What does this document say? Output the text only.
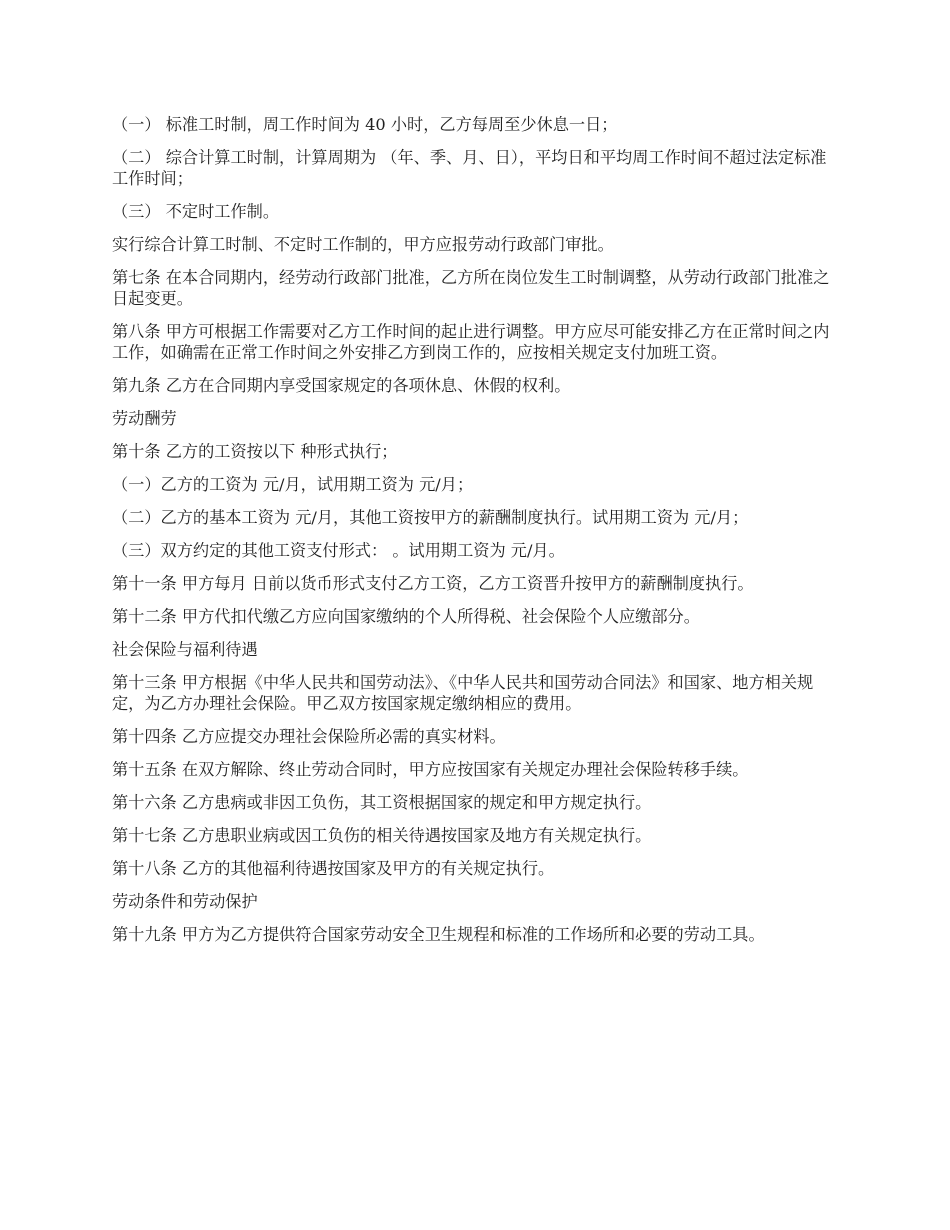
（一） 标准工时制，周工作时间为 40 小时，乙方每周至少休息一日；

（二） 综合计算工时制，计算周期为 （年、季、月、日），平均日和平均周工作时间不超过法定标准工作时间；

（三） 不定时工作制。

实行综合计算工时制、不定时工作制的，甲方应报劳动行政部门审批。

第七条 在本合同期内，经劳动行政部门批准，乙方所在岗位发生工时制调整，从劳动行政部门批准之日起变更。

第八条 甲方可根据工作需要对乙方工作时间的起止进行调整。甲方应尽可能安排乙方在正常时间之内工作，如确需在正常工作时间之外安排乙方到岗工作的，应按相关规定支付加班工资。

第九条 乙方在合同期内享受国家规定的各项休息、休假的权利。

劳动酬劳

第十条 乙方的工资按以下 种形式执行；

（一）乙方的工资为 元/月，试用期工资为 元/月；

（二）乙方的基本工资为 元/月，其他工资按甲方的薪酬制度执行。试用期工资为 元/月；

（三）双方约定的其他工资支付形式： 。试用期工资为 元/月。

第十一条 甲方每月 日前以货币形式支付乙方工资，乙方工资晋升按甲方的薪酬制度执行。

第十二条 甲方代扣代缴乙方应向国家缴纳的个人所得税、社会保险个人应缴部分。

社会保险与福利待遇

第十三条 甲方根据《中华人民共和国劳动法》、《中华人民共和国劳动合同法》和国家、地方相关规定，为乙方办理社会保险。甲乙双方按国家规定缴纳相应的费用。

第十四条 乙方应提交办理社会保险所必需的真实材料。

第十五条 在双方解除、终止劳动合同时，甲方应按国家有关规定办理社会保险转移手续。

第十六条 乙方患病或非因工负伤，其工资根据国家的规定和甲方规定执行。

第十七条 乙方患职业病或因工负伤的相关待遇按国家及地方有关规定执行。

第十八条 乙方的其他福利待遇按国家及甲方的有关规定执行。

劳动条件和劳动保护

第十九条 甲方为乙方提供符合国家劳动安全卫生规程和标准的工作场所和必要的劳动工具。
